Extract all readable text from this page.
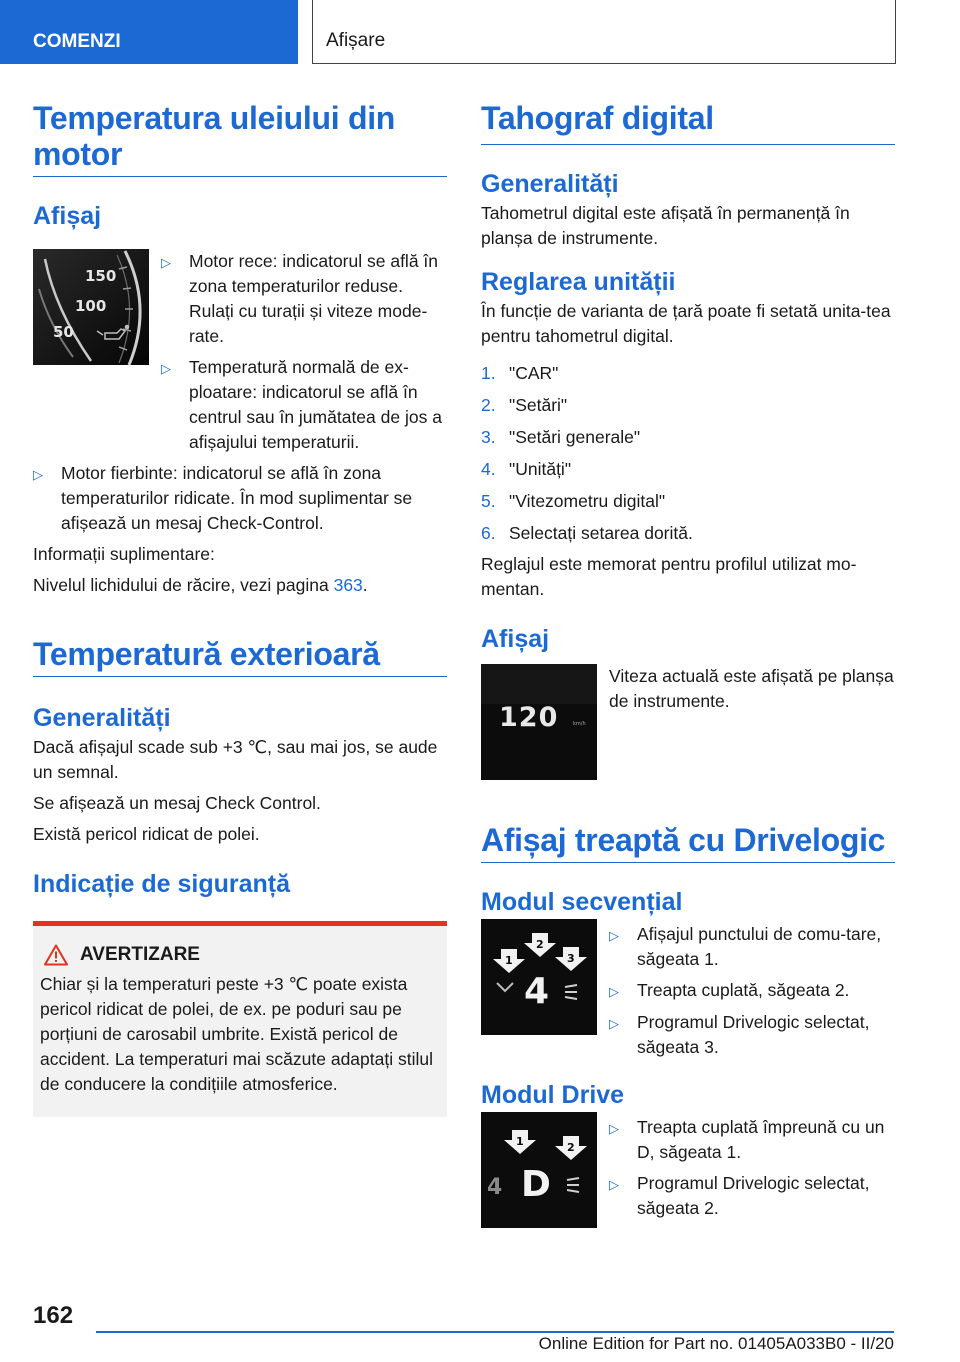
COMENZI	Afișare
Temperatura uleiului din motor
Afișaj
150
100
50
▷	Motor rece: indicatorul se află în zona temperaturilor reduse. Rulați cu turații și viteze mode-rate.
▷	Temperatură normală de ex-ploatare: indicatorul se află în centrul sau în jumătatea de jos a afișajului temperaturii.
▷	Motor fierbinte: indicatorul se află în zona temperaturilor ridicate. În mod suplimentar se afișează un mesaj Check-Control.

Informații suplimentare:

Nivelul lichidului de răcire, vezi pagina 363.

Temperatură exterioară
Generalități

Dacă afișajul scade sub +3 ℃, sau mai jos, se aude un semnal.

Se afișează un mesaj Check Control.

Există pericol ridicat de polei.

Indicație de siguranță
AVERTIZARE

Chiar și la temperaturi peste +3 ℃ poate exista pericol ridicat de polei, de ex. pe poduri sau pe porțiuni de carosabil umbrite. Există pericol de accident. La temperaturi mai scăzute adaptați stilul de conducere la condițiile atmosferice.

Tahograf digital
Generalități

Tahometrul digital este afișată în permanență în planșa de instrumente.

Reglarea unității

În funcție de varianta de țară poate fi setată unita-tea pentru tahometrul digital.

1. "CAR"
2. "Setări"
3. "Setări generale"
4. "Unități"
5. "Vitezometru digital"
6. Selectați setarea dorită.

Reglajul este memorat pentru profilul utilizat mo-mentan.

Afișaj
120	km/h

Viteza actuală este afișată pe planșa de instrumente.

Afișaj treaptă cu Drivelogic
Modul secvențial
1
2
3
4
▷	Afișajul punctului de comu-tare, săgeata 1.
▷	Treapta cuplată, săgeata 2.
▷	Programul Drivelogic selectat, săgeata 3.
Modul Drive
1	2
4 D
▷	Treapta cuplată împreună cu un D, săgeata 1.
▷	Programul Drivelogic selectat, săgeata 2.
162
Online Edition for Part no. 01405A033B0 - II/20
